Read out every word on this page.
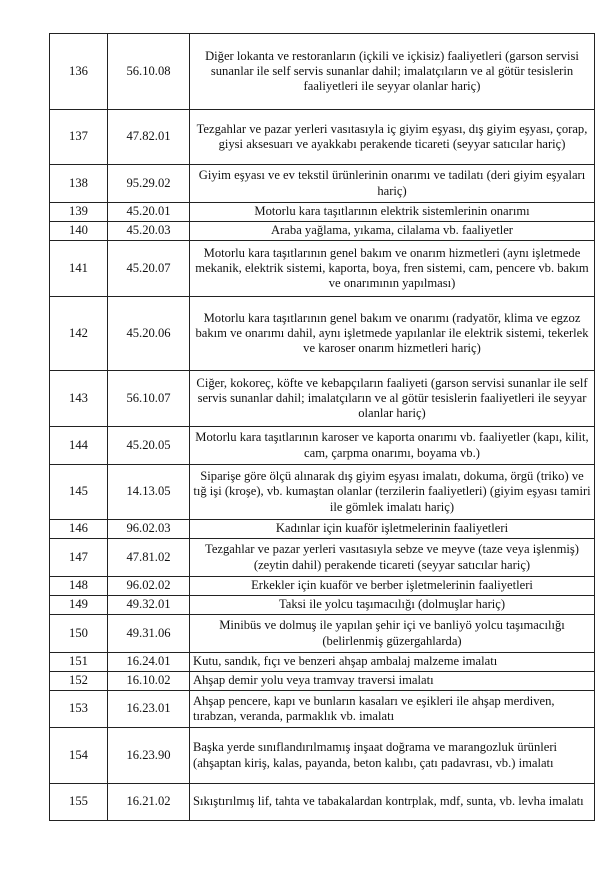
136	56.10.08	Diğer lokanta ve restoranların (içkili ve içkisiz) faaliyetleri (garson servisi sunanlar ile self servis sunanlar dahil; imalatçıların ve al götür tesislerin faaliyetleri ile seyyar olanlar hariç)
137	47.82.01	Tezgahlar ve pazar yerleri vasıtasıyla iç giyim eşyası, dış giyim eşyası, çorap, giysi aksesuarı ve ayakkabı perakende ticareti (seyyar satıcılar hariç)
138	95.29.02	Giyim eşyası ve ev tekstil ürünlerinin onarımı ve tadilatı (deri giyim eşyaları hariç)
139	45.20.01	Motorlu kara taşıtlarının elektrik sistemlerinin onarımı
140	45.20.03	Araba yağlama, yıkama, cilalama vb. faaliyetler
141	45.20.07	Motorlu kara taşıtlarının genel bakım ve onarım hizmetleri (aynı işletmede mekanik, elektrik sistemi, kaporta, boya, fren sistemi, cam, pencere vb. bakım ve onarımının yapılması)
142	45.20.06	Motorlu kara taşıtlarının genel bakım ve onarımı (radyatör, klima ve egzoz bakım ve onarımı dahil, aynı işletmede yapılanlar ile elektrik sistemi, tekerlek ve karoser onarım hizmetleri hariç)
143	56.10.07	Ciğer, kokoreç, köfte ve kebapçıların faaliyeti (garson servisi sunanlar ile self servis sunanlar dahil; imalatçıların ve al götür tesislerin faaliyetleri ile seyyar olanlar hariç)
144	45.20.05	Motorlu kara taşıtlarının karoser ve kaporta onarımı vb. faaliyetler (kapı, kilit, cam, çarpma onarımı, boyama vb.)
145	14.13.05	Siparişe göre ölçü alınarak dış giyim eşyası imalatı, dokuma, örgü (triko) ve tığ işi (kroşe), vb. kumaştan olanlar (terzilerin faaliyetleri) (giyim eşyası tamiri ile gömlek imalatı hariç)
146	96.02.03	Kadınlar için kuaför işletmelerinin faaliyetleri
147	47.81.02	Tezgahlar ve pazar yerleri vasıtasıyla sebze ve meyve (taze veya işlenmiş) (zeytin dahil) perakende ticareti (seyyar satıcılar hariç)
148	96.02.02	Erkekler için kuaför ve berber işletmelerinin faaliyetleri
149	49.32.01	Taksi ile yolcu taşımacılığı (dolmuşlar hariç)
150	49.31.06	Minibüs ve dolmuş ile yapılan şehir içi ve banliyö yolcu taşımacılığı (belirlenmiş güzergahlarda)
151	16.24.01	Kutu, sandık, fıçı ve benzeri ahşap ambalaj malzeme imalatı
152	16.10.02	Ahşap demir yolu veya tramvay traversi imalatı
153	16.23.01	Ahşap pencere, kapı ve bunların kasaları ve eşikleri ile ahşap merdiven, tırabzan, veranda, parmaklık vb. imalatı
154	16.23.90	Başka yerde sınıflandırılmamış inşaat doğrama ve marangozluk ürünleri (ahşaptan kiriş, kalas, payanda, beton kalıbı, çatı padavrası, vb.) imalatı
155	16.21.02	Sıkıştırılmış lif, tahta ve tabakalardan kontrplak, mdf, sunta, vb. levha imalatı
